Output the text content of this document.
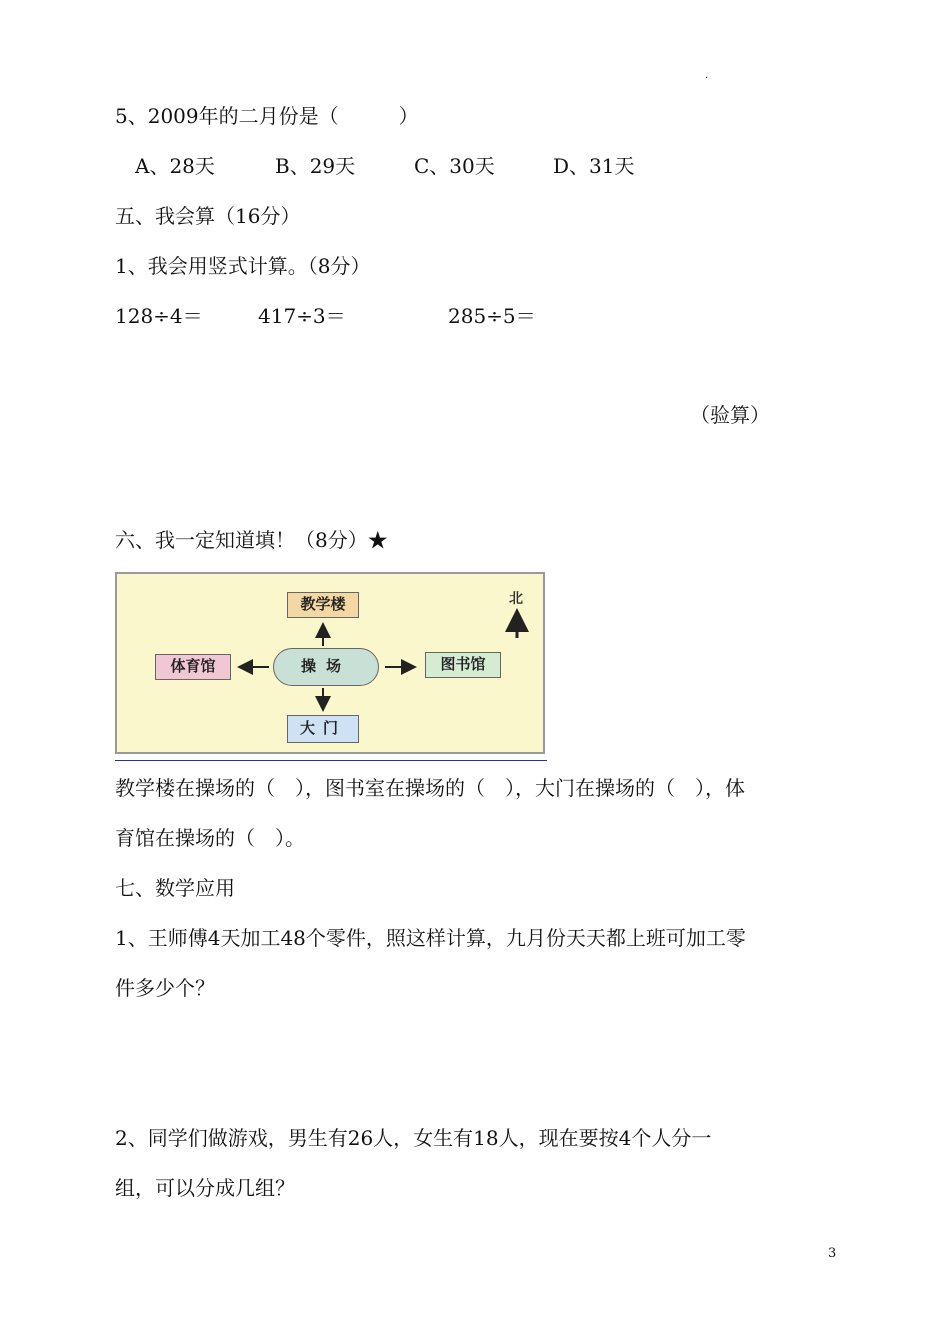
.
5、2009年的二月份是（　　　）
A、28天	B、29天	C、30天	D、31天
五、我会算（16分）
1、我会用竖式计算。（8分）
128÷4＝	417÷3＝	285÷5＝
（验算）
六、我一定知道填！（8分）★
北
教学楼
体育馆	操场	图书馆
大门
教学楼在操场的（　），图书室在操场的（　），大门在操场的（　），体
育馆在操场的（　）。
七、数学应用
1、王师傅4天加工48个零件，照这样计算，九月份天天都上班可加工零
件多少个？
2、同学们做游戏，男生有26人，女生有18人，现在要按4个人分一
组，可以分成几组？
3
